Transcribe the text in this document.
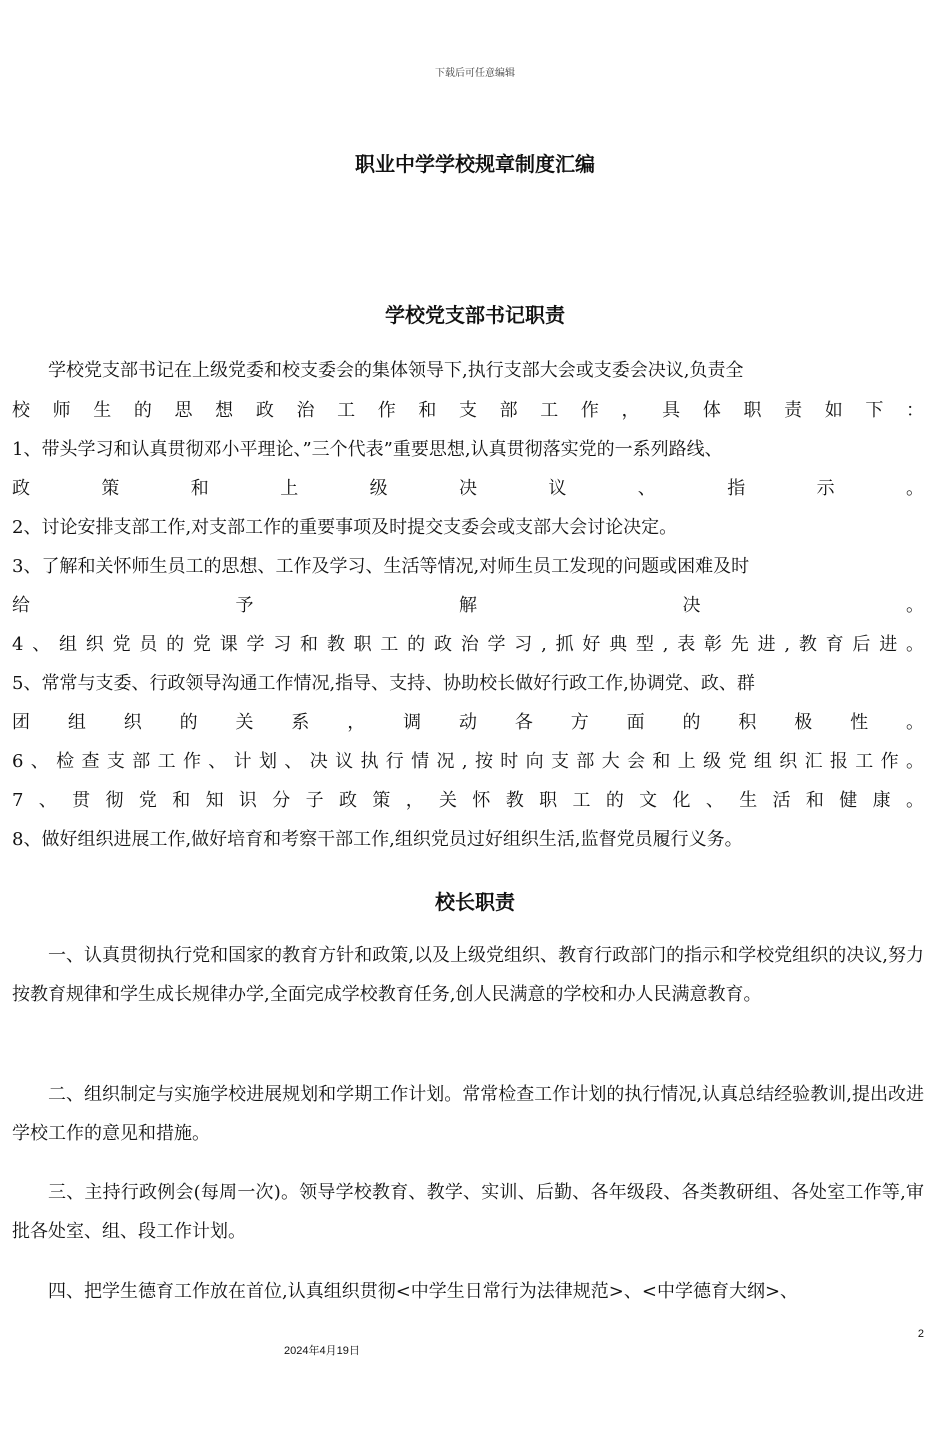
下载后可任意编辑
职业中学学校规章制度汇编
学校党支部书记职责
　　学校党支部书记在上级党委和校支委会的集体领导下,执行支部大会或支委会决议,负责全
校师生的思想政治工作和支部工作，具体职责如下：
1、带头学习和认真贯彻邓小平理论、”三个代表”重要思想,认真贯彻落实党的一系列路线、
政策和上级决议、指示。
2、讨论安排支部工作,对支部工作的重要事项及时提交支委会或支部大会讨论决定。
3、了解和关怀师生员工的思想、工作及学习、生活等情况,对师生员工发现的问题或困难及时
给予解决。
4、组织党员的党课学习和教职工的政治学习,抓好典型,表彰先进,教育后进。
5、常常与支委、行政领导沟通工作情况,指导、支持、协助校长做好行政工作,协调党、政、群
团组织的关系，调动各方面的积极性。
6、检查支部工作、计划、决议执行情况,按时向支部大会和上级党组织汇报工作。
7、贯彻党和知识分子政策，关怀教职工的文化、生活和健康。
8、做好组织进展工作,做好培育和考察干部工作,组织党员过好组织生活,监督党员履行义务。
校长职责

一、认真贯彻执行党和国家的教育方针和政策,以及上级党组织、教育行政部门的指示和学校党组织的决议,努力按教育规律和学生成长规律办学,全面完成学校教育任务,创人民满意的学校和办人民满意教育。

二、组织制定与实施学校进展规划和学期工作计划。常常检查工作计划的执行情况,认真总结经验教训,提出改进学校工作的意见和措施。

三、主持行政例会(每周一次)。领导学校教育、教学、实训、后勤、各年级段、各类教研组、各处室工作等,审批各处室、组、段工作计划。

四、把学生德育工作放在首位,认真组织贯彻<中学生日常行为法律规范>、<中学德育大纲>、

2
2024年4月19日
